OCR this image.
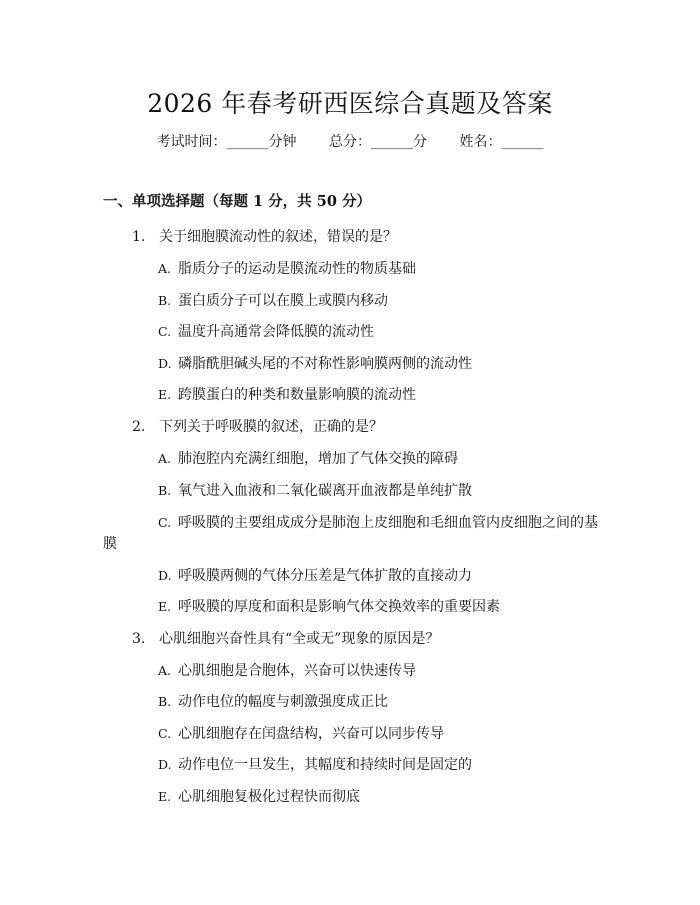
2026 年春考研西医综合真题及答案
考试时间：______分钟 总分：______分 姓名：______
一、单项选择题（每题 1 分，共 50 分）
1. 关于细胞膜流动性的叙述，错误的是？
A. 脂质分子的运动是膜流动性的物质基础
B. 蛋白质分子可以在膜上或膜内移动
C. 温度升高通常会降低膜的流动性
D. 磷脂酰胆碱头尾的不对称性影响膜两侧的流动性
E. 跨膜蛋白的种类和数量影响膜的流动性
2. 下列关于呼吸膜的叙述，正确的是？
A. 肺泡腔内充满红细胞，增加了气体交换的障碍
B. 氧气进入血液和二氧化碳离开血液都是单纯扩散
C. 呼吸膜的主要组成成分是肺泡上皮细胞和毛细血管内皮细胞之间的基
膜
D. 呼吸膜两侧的气体分压差是气体扩散的直接动力
E. 呼吸膜的厚度和面积是影响气体交换效率的重要因素
3. 心肌细胞兴奋性具有“全或无”现象的原因是？
A. 心肌细胞是合胞体，兴奋可以快速传导
B. 动作电位的幅度与刺激强度成正比
C. 心肌细胞存在闰盘结构，兴奋可以同步传导
D. 动作电位一旦发生，其幅度和持续时间是固定的
E. 心肌细胞复极化过程快而彻底
